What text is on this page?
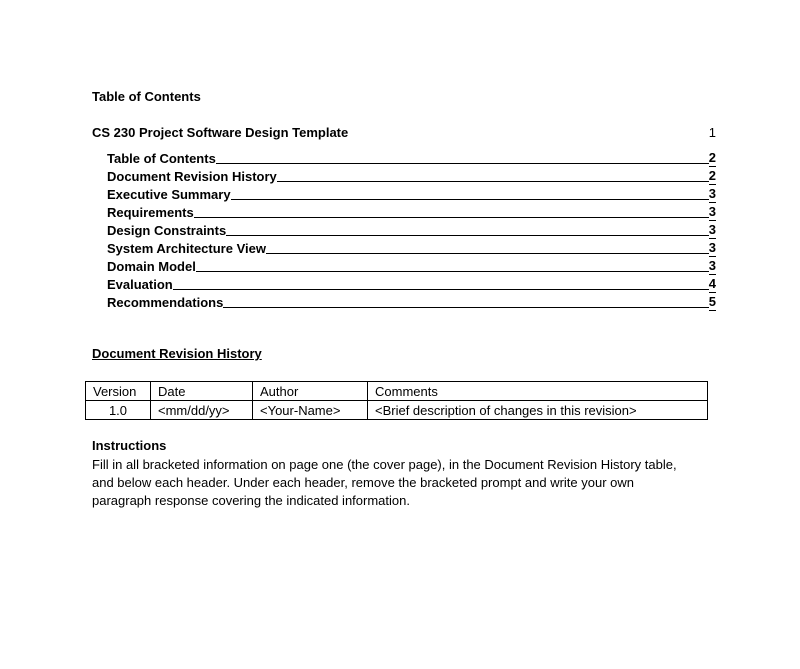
Table of Contents
CS 230 Project Software Design Template	1
Table of Contents	2
Document Revision History	2
Executive Summary	3
Requirements	3
Design Constraints	3
System Architecture View	3
Domain Model	3
Evaluation	4
Recommendations	5
Document Revision History
Version	Date	Author	Comments
1.0	<mm/dd/yy>	<Your-Name>	<Brief description of changes in this revision>
Instructions
Fill in all bracketed information on page one (the cover page), in the Document Revision History table,
and below each header. Under each header, remove the bracketed prompt and write your own
paragraph response covering the indicated information.
